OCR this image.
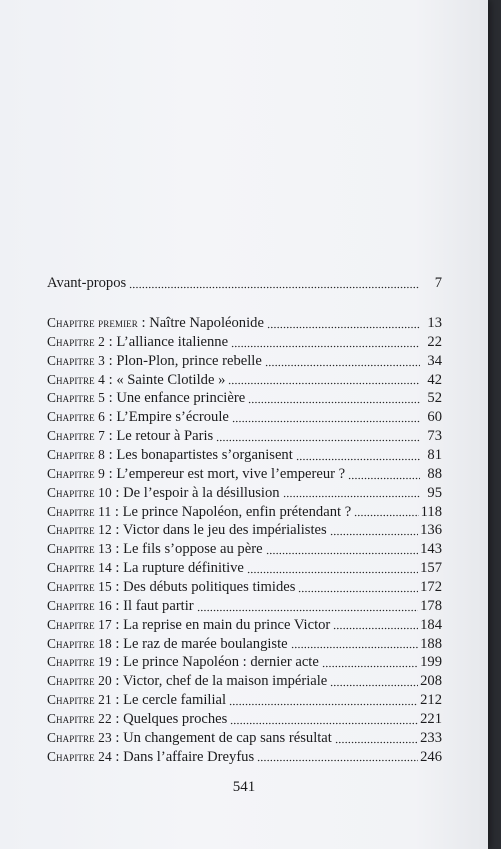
Avant-propos	7
Chapitre premier : Naître Napoléonide	13
Chapitre 2 : L’alliance italienne	22
Chapitre 3 : Plon-Plon, prince rebelle	34
Chapitre 4 : « Sainte Clotilde »	42
Chapitre 5 : Une enfance princière	52
Chapitre 6 : L’Empire s’écroule	60
Chapitre 7 : Le retour à Paris	73
Chapitre 8 : Les bonapartistes s’organisent	81
Chapitre 9 : L’empereur est mort, vive l’empereur ?	88
Chapitre 10 : De l’espoir à la désillusion	95
Chapitre 11 : Le prince Napoléon, enfin prétendant ?	118
Chapitre 12 : Victor dans le jeu des impérialistes	136
Chapitre 13 : Le fils s’oppose au père	143
Chapitre 14 : La rupture définitive	157
Chapitre 15 : Des débuts politiques timides	172
Chapitre 16 : Il faut partir	178
Chapitre 17 : La reprise en main du prince Victor	184
Chapitre 18 : Le raz de marée boulangiste	188
Chapitre 19 : Le prince Napoléon : dernier acte	199
Chapitre 20 : Victor, chef de la maison impériale	208
Chapitre 21 : Le cercle familial	212
Chapitre 22 : Quelques proches	221
Chapitre 23 : Un changement de cap sans résultat	233
Chapitre 24 : Dans l’affaire Dreyfus	246
541
